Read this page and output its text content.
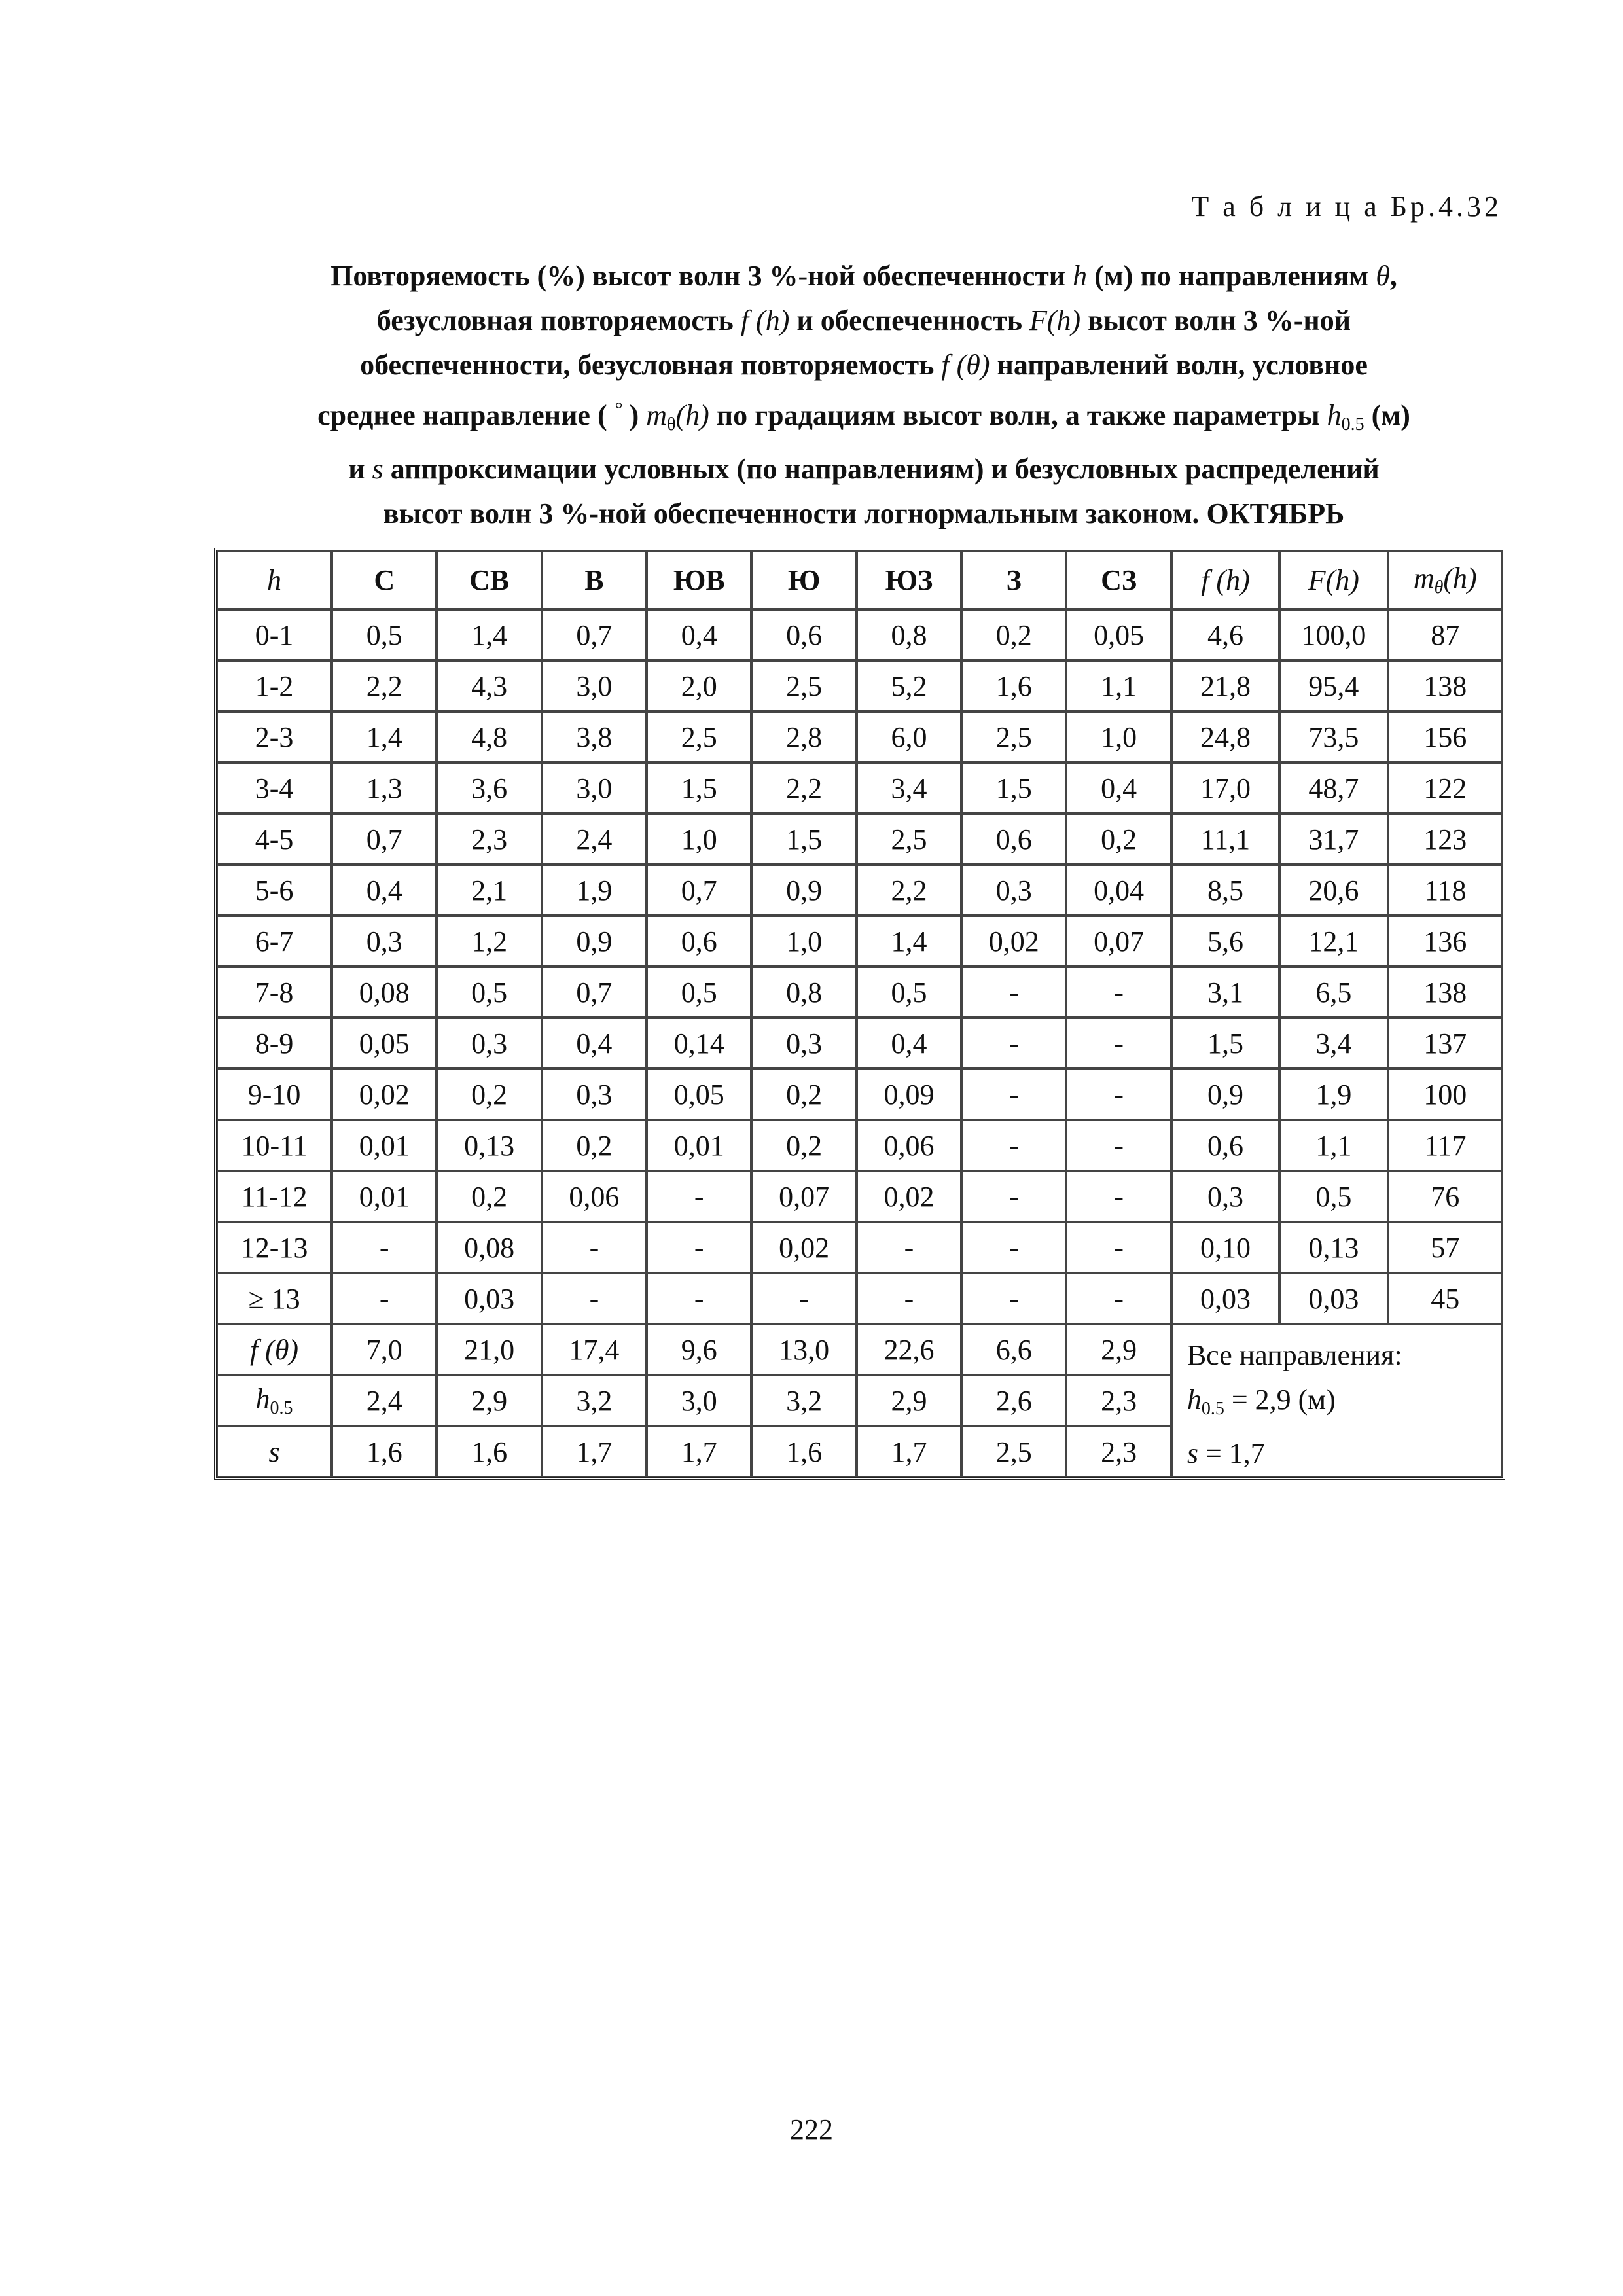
Т а б л и ц а Бр.4.32
Повторяемость (%) высот волн 3 %-ной обеспеченности h (м) по направлениям θ,
безусловная повторяемость f (h) и обеспеченность F(h) высот волн 3 %-ной
обеспеченности, безусловная повторяемость f (θ) направлений волн, условное
среднее направление ( ° ) $m_\theta(h)$ по градациям высот волн, а также параметры $h_{0.5}$ (м)
и s аппроксимации условных (по направлениям) и безусловных распределений
высот волн 3 %-ной обеспеченности логнормальным законом. ОКТЯБРЬ
h	С	СВ	В	ЮВ	Ю	ЮЗ	З	СЗ	f (h)	F(h)	$m_\theta(h)$
0-1	0,5	1,4	0,7	0,4	0,6	0,8	0,2	0,05	4,6	100,0	87
1-2	2,2	4,3	3,0	2,0	2,5	5,2	1,6	1,1	21,8	95,4	138
2-3	1,4	4,8	3,8	2,5	2,8	6,0	2,5	1,0	24,8	73,5	156
3-4	1,3	3,6	3,0	1,5	2,2	3,4	1,5	0,4	17,0	48,7	122
4-5	0,7	2,3	2,4	1,0	1,5	2,5	0,6	0,2	11,1	31,7	123
5-6	0,4	2,1	1,9	0,7	0,9	2,2	0,3	0,04	8,5	20,6	118
6-7	0,3	1,2	0,9	0,6	1,0	1,4	0,02	0,07	5,6	12,1	136
7-8	0,08	0,5	0,7	0,5	0,8	0,5	-	-	3,1	6,5	138
8-9	0,05	0,3	0,4	0,14	0,3	0,4	-	-	1,5	3,4	137
9-10	0,02	0,2	0,3	0,05	0,2	0,09	-	-	0,9	1,9	100
10-11	0,01	0,13	0,2	0,01	0,2	0,06	-	-	0,6	1,1	117
11-12	0,01	0,2	0,06	-	0,07	0,02	-	-	0,3	0,5	76
12-13	-	0,08	-	-	0,02	-	-	-	0,10	0,13	57
≥ 13	-	0,03	-	-	-	-	-	-	0,03	0,03	45
f (θ)	7,0	21,0	17,4	9,6	13,0	22,6	6,6	2,9	Все направления:
$h_{0.5} = 2,9$ (м)
s = 1,7		

$h_{0.5}$	2,4	2,9	3,2	3,0	3,2	2,9	2,6	2,3			
s	1,6	1,6	1,7	1,7	1,6	1,7	2,5	2,3			
222
